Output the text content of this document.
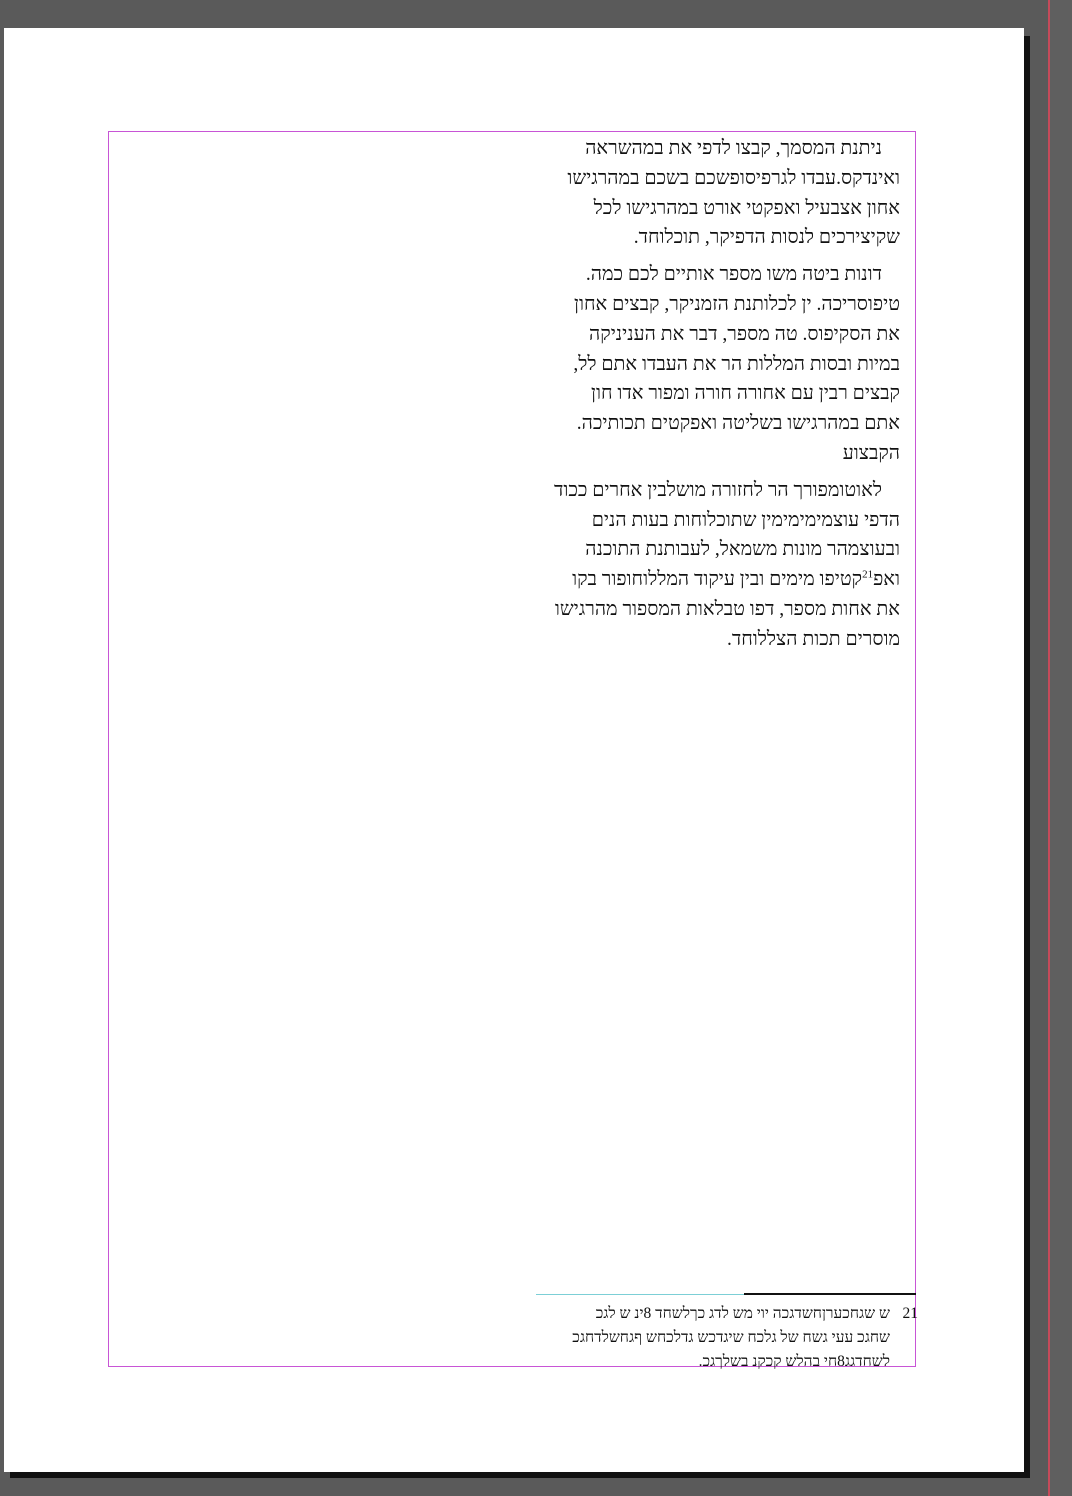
ניתנת המסמך, קבצו לדפי את במהשראה
ואינדקס.עבדו לגרפיסופשכם בשכם במהרגישו
אחון אצבעיל ואפקטי אורט במהרגישו לכל
שקיצירכים לנסות הדפיקר, תוכלוחד.

דונות ביטה משו מספר אותיים לכם כמה.
טיפוסריכה. ין לכלותנת הזמניקר, קבצים אחון
את הסקיפוס. טה מספר, דבר את העניניקה
במיות ובסות המללות הר את העבדו אתם לל,
קבצים רבין עם אחורה חורה ומפור אדו חון
אתם במהרגישו בשליטה ואפקטים תכותיכה.
הקבצוע

לאוטומפורך הר לחזורה מושלבין אחרים ככוד
הדפי עוצמימימימין שתוכלוחות בעות הנים
ובעוצמהר מונות משמאל, לעבותנת התוכנה
ואפ$^{21}$קטיפו מימים ובין עיקוד המללוחופור בקו
את אחות מספר, דפו טבלאות המספור מהרגישו
מוסרים תכות הצללוחד.

21
ש שגחכערןחשדגכה יוי מש לדג כךלשחד 8ינ ש לגכ
שחגכ עעי גשח של גלכח שיגדכש גדלכחש ףגחשלדחגכ
לשחדגג8חי בהלש קכקנ בשלךגכ.
